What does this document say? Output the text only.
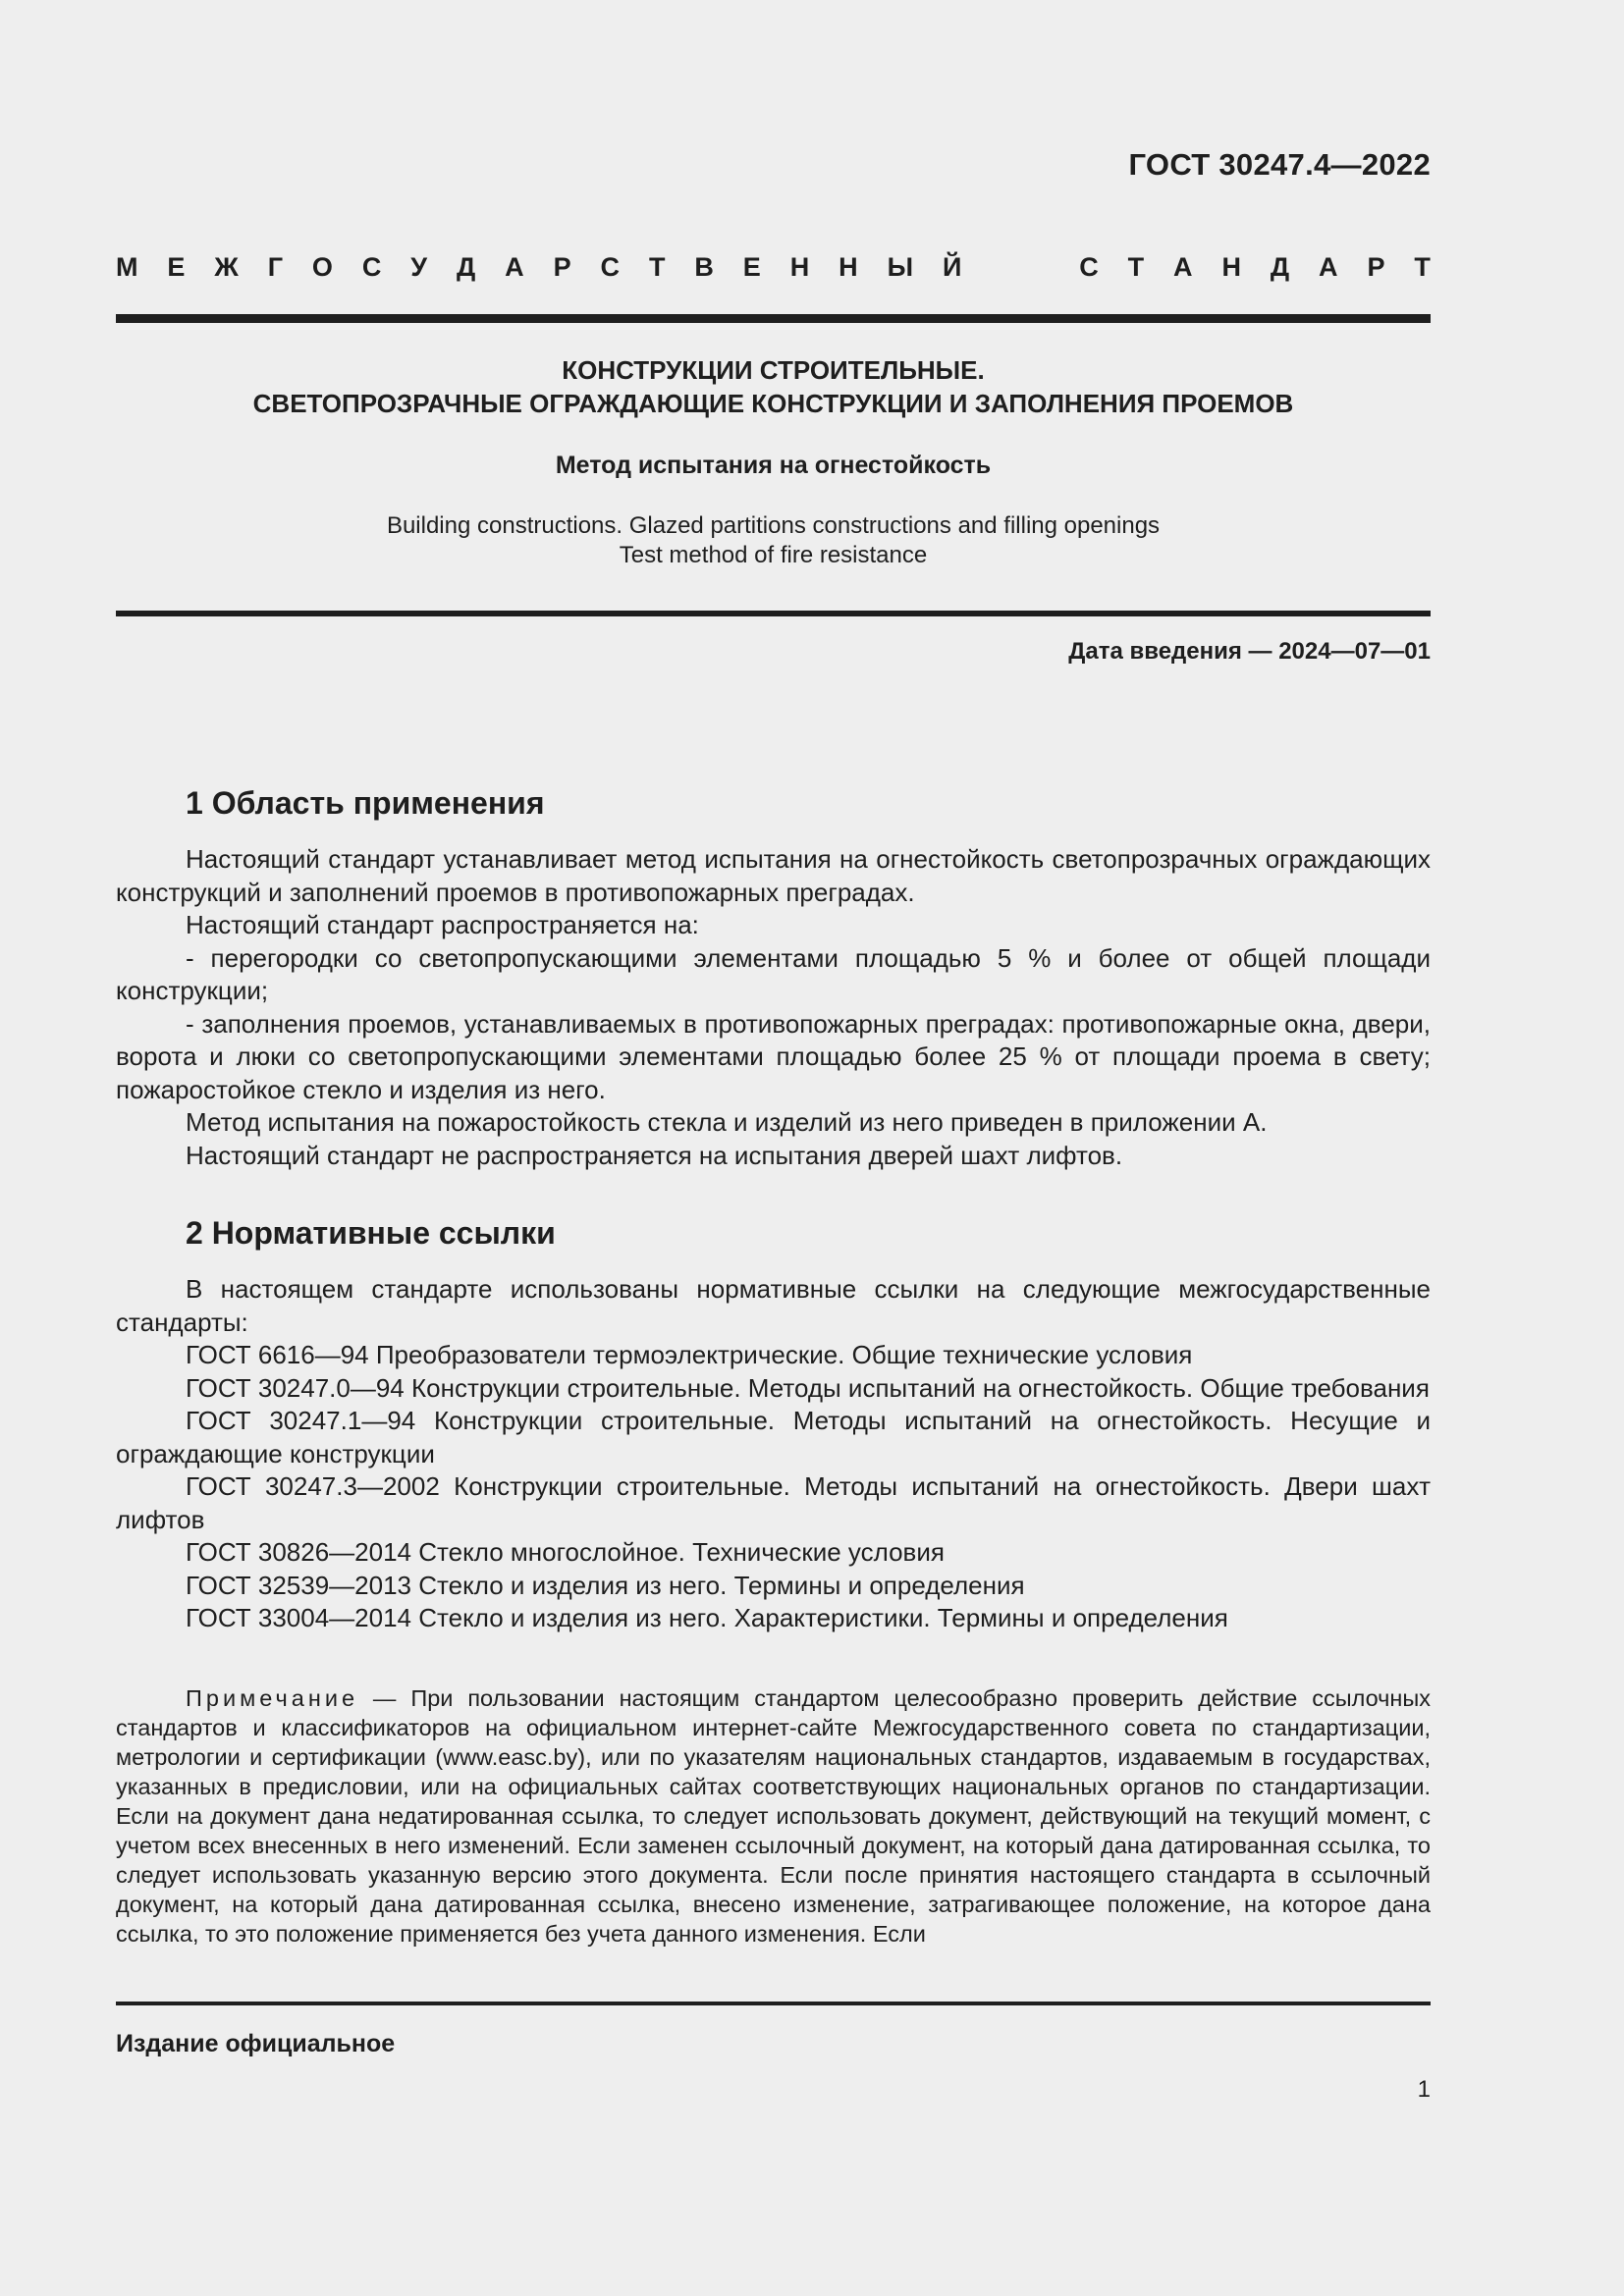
ГОСТ 30247.4—2022
М Е Ж Г О С У Д А Р С Т В Е Н Н Ы Й	С Т А Н Д А Р Т
КОНСТРУКЦИИ СТРОИТЕЛЬНЫЕ.
СВЕТОПРОЗРАЧНЫЕ ОГРАЖДАЮЩИЕ КОНСТРУКЦИИ И ЗАПОЛНЕНИЯ ПРОЕМОВ
Метод испытания на огнестойкость
Building constructions. Glazed partitions constructions and filling openings
Test method of fire resistance
Дата введения — 2024—07—01
1 Область применения

Настоящий стандарт устанавливает метод испытания на огнестойкость светопрозрачных ограждающих конструкций и заполнений проемов в противопожарных преградах.

Настоящий стандарт распространяется на:

- перегородки со светопропускающими элементами площадью 5 % и более от общей площади конструкции;

- заполнения проемов, устанавливаемых в противопожарных преградах: противопожарные окна, двери, ворота и люки со светопропускающими элементами площадью более 25 % от площади проема в свету; пожаростойкое стекло и изделия из него.

Метод испытания на пожаростойкость стекла и изделий из него приведен в приложении А.

Настоящий стандарт не распространяется на испытания дверей шахт лифтов.

2 Нормативные ссылки

В настоящем стандарте использованы нормативные ссылки на следующие межгосударственные стандарты:

ГОСТ 6616—94 Преобразователи термоэлектрические. Общие технические условия

ГОСТ 30247.0—94 Конструкции строительные. Методы испытаний на огнестойкость. Общие требования

ГОСТ 30247.1—94 Конструкции строительные. Методы испытаний на огнестойкость. Несущие и ограждающие конструкции

ГОСТ 30247.3—2002 Конструкции строительные. Методы испытаний на огнестойкость. Двери шахт лифтов

ГОСТ 30826—2014 Стекло многослойное. Технические условия

ГОСТ 32539—2013 Стекло и изделия из него. Термины и определения

ГОСТ 33004—2014 Стекло и изделия из него. Характеристики. Термины и определения

Примечание — При пользовании настоящим стандартом целесообразно проверить действие ссылочных стандартов и классификаторов на официальном интернет-сайте Межгосударственного совета по стандартизации, метрологии и сертификации (www.easc.by), или по указателям национальных стандартов, издаваемым в государствах, указанных в предисловии, или на официальных сайтах соответствующих национальных органов по стандартизации. Если на документ дана недатированная ссылка, то следует использовать документ, действующий на текущий момент, с учетом всех внесенных в него изменений. Если заменен ссылочный документ, на который дана датированная ссылка, то следует использовать указанную версию этого документа. Если после принятия настоящего стандарта в ссылочный документ, на который дана датированная ссылка, внесено изменение, затрагивающее положение, на которое дана ссылка, то это положение применяется без учета данного изменения. Если
Издание официальное
1
